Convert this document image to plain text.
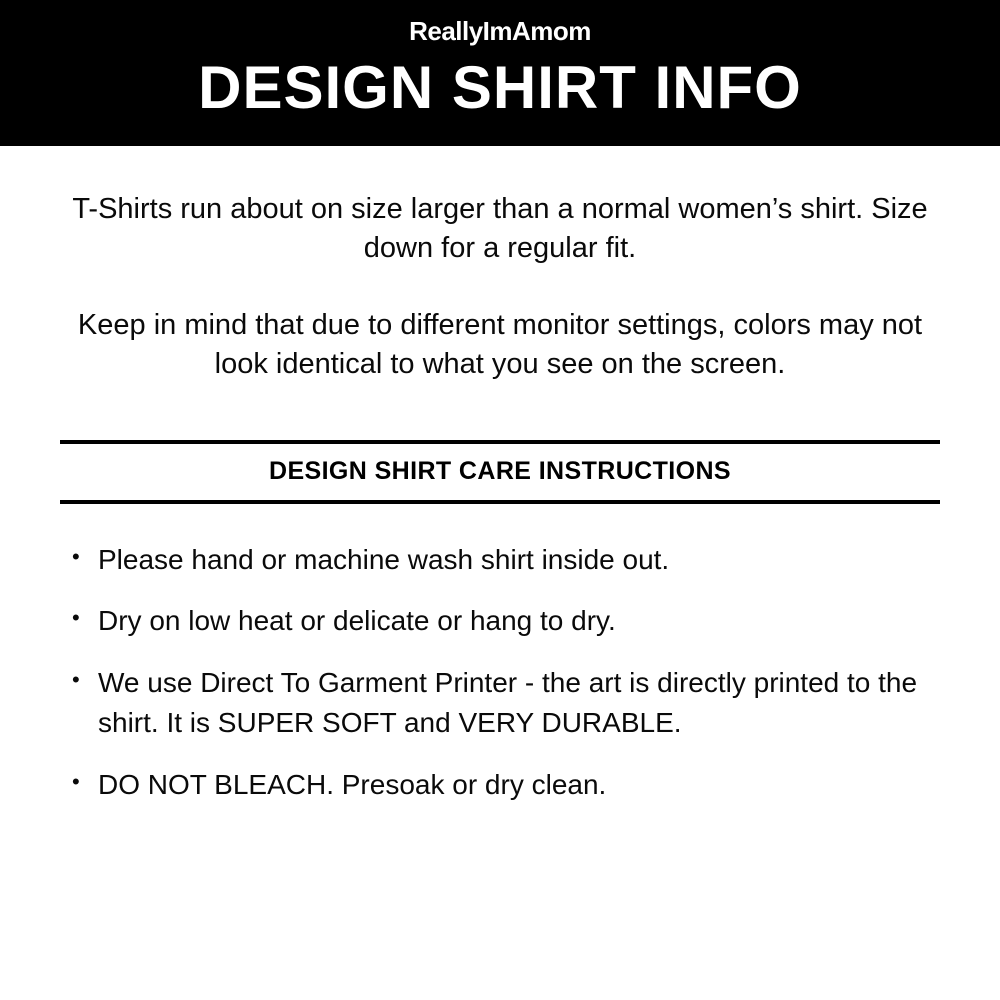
ReallyImAmom
DESIGN SHIRT INFO

T-Shirts run about on size larger than a normal women’s shirt. Size down for a regular fit.

Keep in mind that due to different monitor settings, colors may not look identical to what you see on the screen.

DESIGN SHIRT CARE INSTRUCTIONS
• Please hand or machine wash shirt inside out.
• Dry on low heat or delicate or hang to dry.
• We use Direct To Garment Printer - the art is directly printed to the shirt. It is SUPER SOFT and VERY DURABLE.
• DO NOT BLEACH. Presoak or dry clean.
